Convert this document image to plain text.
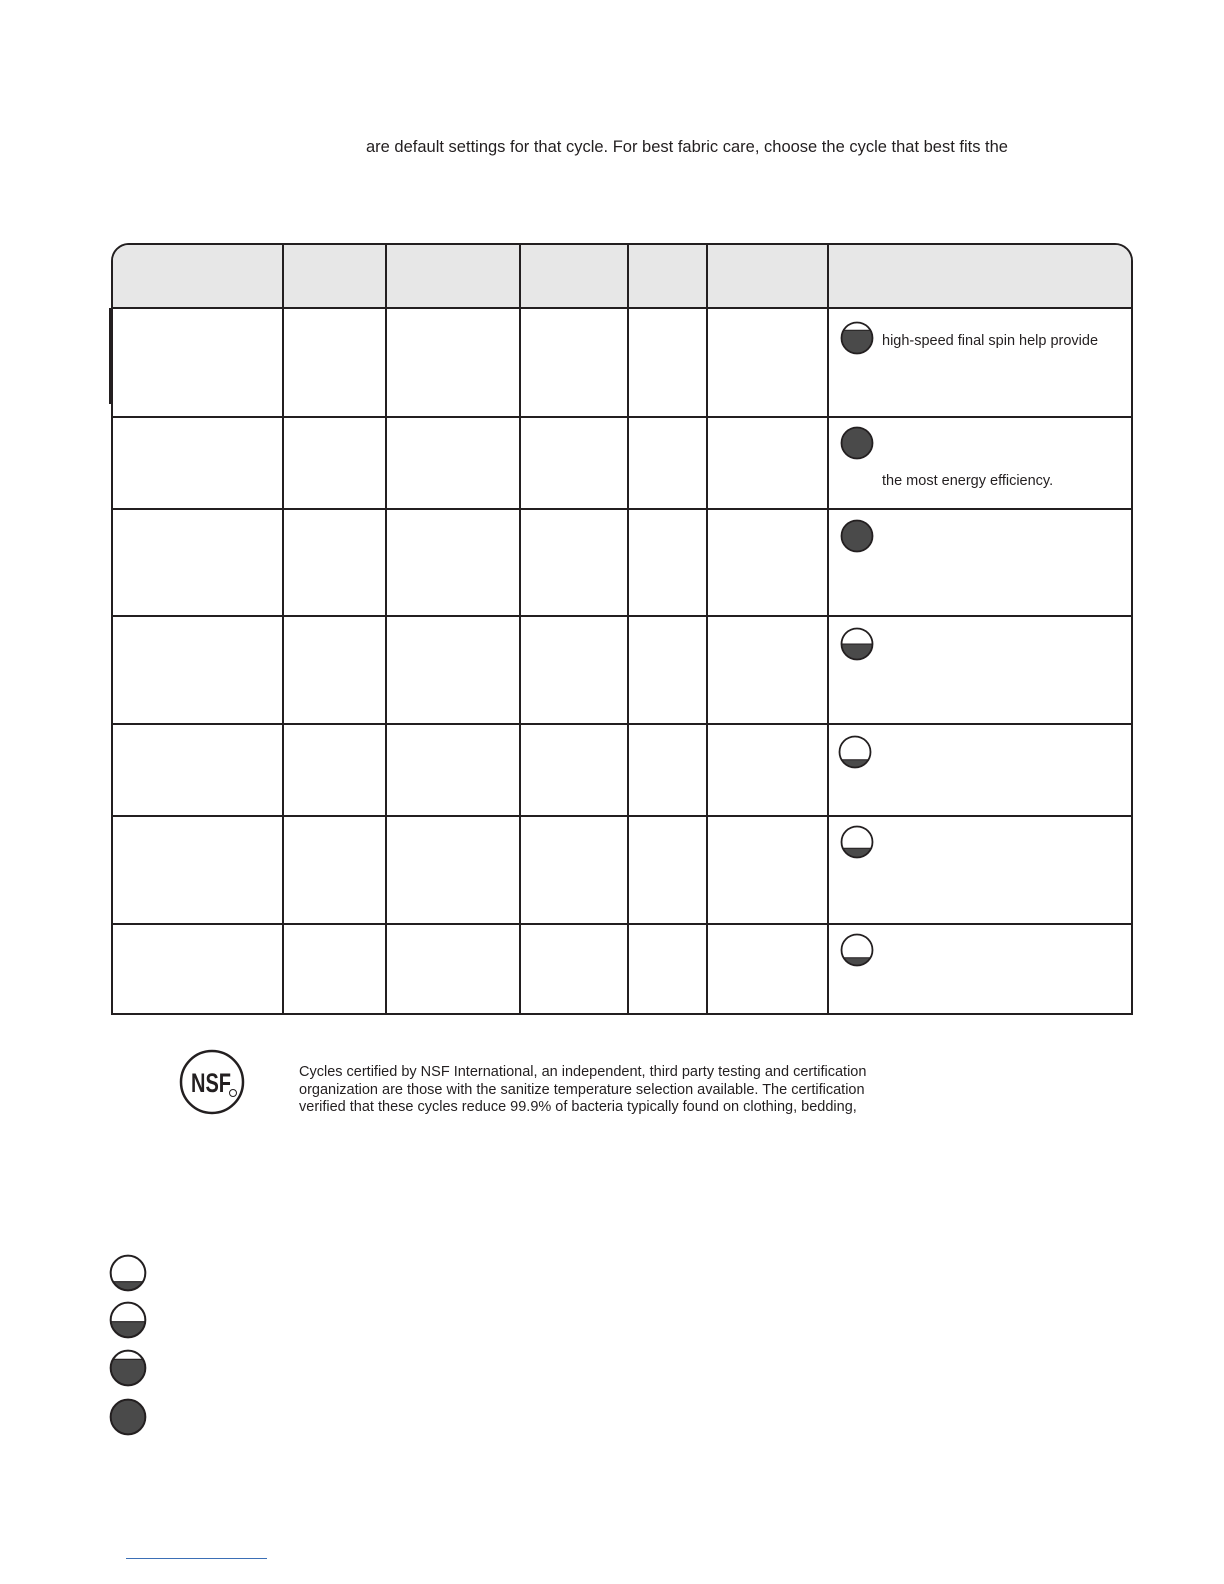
are default settings for that cycle. For best fabric care, choose the cycle that best fits the
high-speed final spin help provide
the most energy efficiency.
NSF	Cycles certified by NSF International, an independent, third party testing and certification
organization are those with the sanitize temperature selection available. The certification
verified that these cycles reduce 99.9% of bacteria typically found on clothing, bedding,
